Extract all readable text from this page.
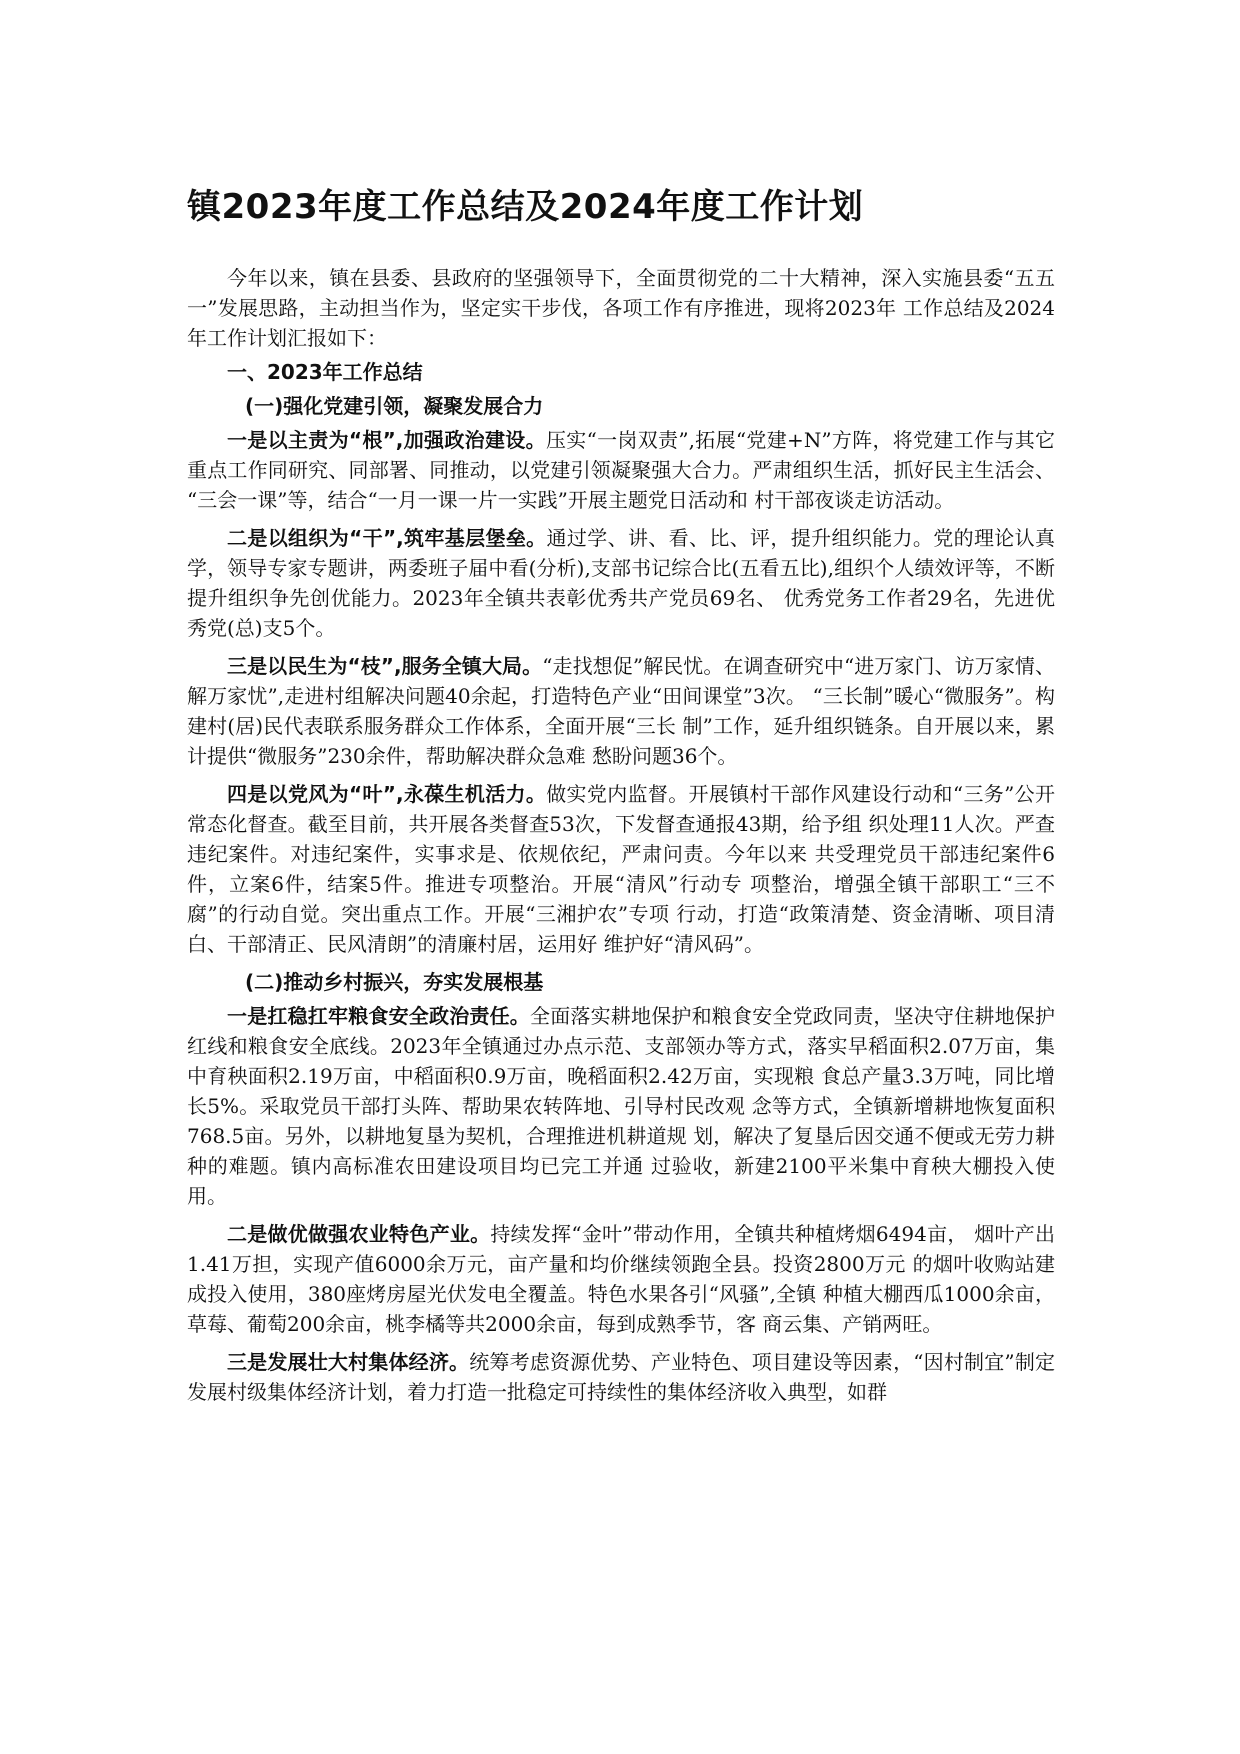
镇2023年度工作总结及2024年度工作计划

今年以来，镇在县委、县政府的坚强领导下，全面贯彻党的二十大精神，深入实施县委“五五一”发展思路，主动担当作为，坚定实干步伐，各项工作有序推进，现将2023年 工作总结及2024年工作计划汇报如下：

一、2023年工作总结
(一)强化党建引领，凝聚发展合力

一是以主责为“根”,加强政治建设。压实“一岗双责”,拓展“党建+N”方阵，将党建工作与其它重点工作同研究、同部署、同推动，以党建引领凝聚强大合力。严肃组织生活，抓好民主生活会、 “三会一课”等，结合“一月一课一片一实践”开展主题党日活动和 村干部夜谈走访活动。

二是以组织为“干”,筑牢基层堡垒。通过学、讲、看、比、评，提升组织能力。党的理论认真学，领导专家专题讲，两委班子届中看(分析),支部书记综合比(五看五比),组织个人绩效评等，不断提升组织争先创优能力。2023年全镇共表彰优秀共产党员69名、 优秀党务工作者29名，先进优秀党(总)支5个。

三是以民生为“枝”,服务全镇大局。“走找想促”解民忧。在调查研究中“进万家门、访万家情、解万家忧”,走进村组解决问题40余起，打造特色产业“田间课堂”3次。 “三长制”暖心“微服务”。构建村(居)民代表联系服务群众工作体系，全面开展“三长 制”工作，延升组织链条。自开展以来，累计提供“微服务”230余件，帮助解决群众急难 愁盼问题36个。

四是以党风为“叶”,永葆生机活力。做实党内监督。开展镇村干部作风建设行动和“三务”公开常态化督查。截至目前，共开展各类督查53次，下发督查通报43期，给予组 织处理11人次。严查违纪案件。对违纪案件，实事求是、依规依纪，严肃问责。今年以来 共受理党员干部违纪案件6件，立案6件，结案5件。推进专项整治。开展“清风”行动专 项整治，增强全镇干部职工“三不腐”的行动自觉。突出重点工作。开展“三湘护农”专项 行动，打造“政策清楚、资金清晰、项目清白、干部清正、民风清朗”的清廉村居，运用好 维护好“清风码”。

(二)推动乡村振兴，夯实发展根基

一是扛稳扛牢粮食安全政治责任。全面落实耕地保护和粮食安全党政同责，坚决守住耕地保护红线和粮食安全底线。2023年全镇通过办点示范、支部领办等方式，落实早稻面积2.07万亩，集中育秧面积2.19万亩，中稻面积0.9万亩，晚稻面积2.42万亩，实现粮 食总产量3.3万吨，同比增长5%。采取党员干部打头阵、帮助果农转阵地、引导村民改观 念等方式，全镇新增耕地恢复面积768.5亩。另外，以耕地复垦为契机，合理推进机耕道规 划，解决了复垦后因交通不便或无劳力耕种的难题。镇内高标准农田建设项目均已完工并通 过验收，新建2100平米集中育秧大棚投入使用。

二是做优做强农业特色产业。持续发挥“金叶”带动作用，全镇共种植烤烟6494亩， 烟叶产出1.41万担，实现产值6000余万元，亩产量和均价继续领跑全县。投资2800万元 的烟叶收购站建成投入使用，380座烤房屋光伏发电全覆盖。特色水果各引“风骚”,全镇 种植大棚西瓜1000余亩，草莓、葡萄200余亩，桃李橘等共2000余亩，每到成熟季节，客 商云集、产销两旺。

三是发展壮大村集体经济。统筹考虑资源优势、产业特色、项目建设等因素，“因村制宜”制定发展村级集体经济计划，着力打造一批稳定可持续性的集体经济收入典型，如群
